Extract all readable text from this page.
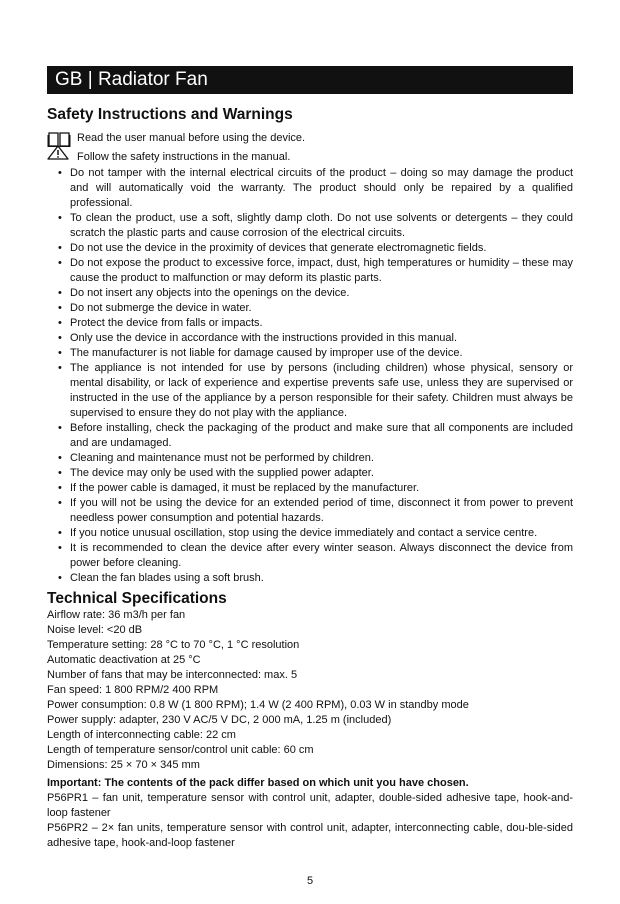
GB | Radiator Fan
Safety Instructions and Warnings
Read the user manual before using the device.
Follow the safety instructions in the manual.
• Do not tamper with the internal electrical circuits of the product – doing so may damage the product and will automatically void the warranty. The product should only be repaired by a qualified professional.
• To clean the product, use a soft, slightly damp cloth. Do not use solvents or detergents – they could scratch the plastic parts and cause corrosion of the electrical circuits.
• Do not use the device in the proximity of devices that generate electromagnetic fields.
• Do not expose the product to excessive force, impact, dust, high temperatures or humidity – these may cause the product to malfunction or may deform its plastic parts.
• Do not insert any objects into the openings on the device.
• Do not submerge the device in water.
• Protect the device from falls or impacts.
• Only use the device in accordance with the instructions provided in this manual.
• The manufacturer is not liable for damage caused by improper use of the device.
• The appliance is not intended for use by persons (including children) whose physical, sensory or mental disability, or lack of experience and expertise prevents safe use, unless they are supervised or instructed in the use of the appliance by a person responsible for their safety. Children must always be supervised to ensure they do not play with the appliance.
• Before installing, check the packaging of the product and make sure that all components are included and are undamaged.
• Cleaning and maintenance must not be performed by children.
• The device may only be used with the supplied power adapter.
• If the power cable is damaged, it must be replaced by the manufacturer.
• If you will not be using the device for an extended period of time, disconnect it from power to prevent needless power consumption and potential hazards.
• If you notice unusual oscillation, stop using the device immediately and contact a service centre.
• It is recommended to clean the device after every winter season. Always disconnect the device from power before cleaning.
• Clean the fan blades using a soft brush.
Technical Specifications
Airflow rate: 36 m3/h per fan
Noise level: <20 dB
Temperature setting: 28 °C to 70 °C, 1 °C resolution
Automatic deactivation at 25 °C
Number of fans that may be interconnected: max. 5
Fan speed: 1 800 RPM/2 400 RPM
Power consumption: 0.8 W (1 800 RPM); 1.4 W (2 400 RPM), 0.03 W in standby mode
Power supply: adapter, 230 V AC/5 V DC, 2 000 mA, 1.25 m (included)
Length of interconnecting cable: 22 cm
Length of temperature sensor/control unit cable: 60 cm
Dimensions: 25 × 70 × 345 mm
Important: The contents of the pack differ based on which unit you have chosen.
P56PR1 – fan unit, temperature sensor with control unit, adapter, double-sided adhesive tape, hook-and-loop fastener
P56PR2 – 2× fan units, temperature sensor with control unit, adapter, interconnecting cable, dou-ble-sided adhesive tape, hook-and-loop fastener
5
